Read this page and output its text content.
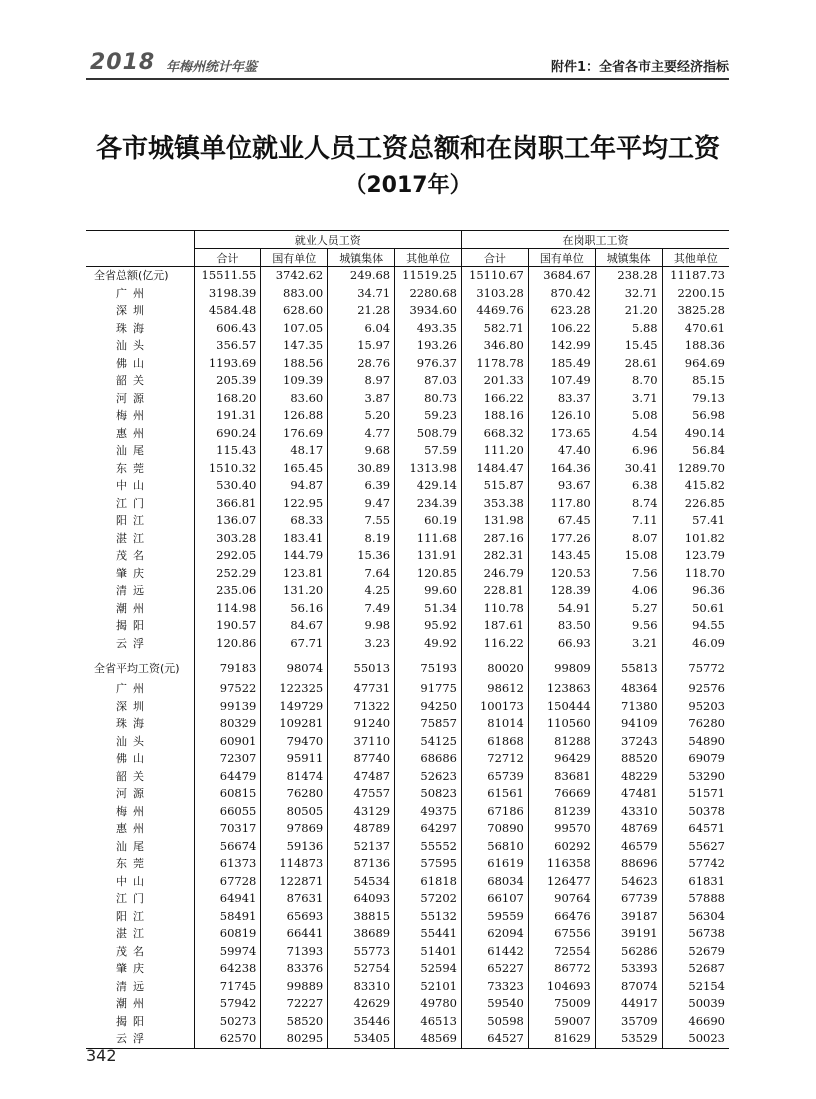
2018 年梅州统计年鉴	附件1：全省各市主要经济指标
各市城镇单位就业人员工资总额和在岗职工年平均工资
（2017年）
	就业人员工资				在岗职工工资			
	合计	国有单位	城镇集体	其他单位	合计	国有单位	城镇集体	其他单位
全省总额(亿元)	15511.55	3742.62	249.68	11519.25	15110.67	3684.67	238.28	11187.73
广州	3198.39	883.00	34.71	2280.68	3103.28	870.42	32.71	2200.15
深圳	4584.48	628.60	21.28	3934.60	4469.76	623.28	21.20	3825.28
珠海	606.43	107.05	6.04	493.35	582.71	106.22	5.88	470.61
汕头	356.57	147.35	15.97	193.26	346.80	142.99	15.45	188.36
佛山	1193.69	188.56	28.76	976.37	1178.78	185.49	28.61	964.69
韶关	205.39	109.39	8.97	87.03	201.33	107.49	8.70	85.15
河源	168.20	83.60	3.87	80.73	166.22	83.37	3.71	79.13
梅州	191.31	126.88	5.20	59.23	188.16	126.10	5.08	56.98
惠州	690.24	176.69	4.77	508.79	668.32	173.65	4.54	490.14
汕尾	115.43	48.17	9.68	57.59	111.20	47.40	6.96	56.84
东莞	1510.32	165.45	30.89	1313.98	1484.47	164.36	30.41	1289.70
中山	530.40	94.87	6.39	429.14	515.87	93.67	6.38	415.82
江门	366.81	122.95	9.47	234.39	353.38	117.80	8.74	226.85
阳江	136.07	68.33	7.55	60.19	131.98	67.45	7.11	57.41
湛江	303.28	183.41	8.19	111.68	287.16	177.26	8.07	101.82
茂名	292.05	144.79	15.36	131.91	282.31	143.45	15.08	123.79
肇庆	252.29	123.81	7.64	120.85	246.79	120.53	7.56	118.70
清远	235.06	131.20	4.25	99.60	228.81	128.39	4.06	96.36
潮州	114.98	56.16	7.49	51.34	110.78	54.91	5.27	50.61
揭阳	190.57	84.67	9.98	95.92	187.61	83.50	9.56	94.55
云浮	120.86	67.71	3.23	49.92	116.22	66.93	3.21	46.09
全省平均工资(元)	79183	98074	55013	75193	80020	99809	55813	75772
广州	97522	122325	47731	91775	98612	123863	48364	92576
深圳	99139	149729	71322	94250	100173	150444	71380	95203
珠海	80329	109281	91240	75857	81014	110560	94109	76280
汕头	60901	79470	37110	54125	61868	81288	37243	54890
佛山	72307	95911	87740	68686	72712	96429	88520	69079
韶关	64479	81474	47487	52623	65739	83681	48229	53290
河源	60815	76280	47557	50823	61561	76669	47481	51571
梅州	66055	80505	43129	49375	67186	81239	43310	50378
惠州	70317	97869	48789	64297	70890	99570	48769	64571
汕尾	56674	59136	52137	55552	56810	60292	46579	55627
东莞	61373	114873	87136	57595	61619	116358	88696	57742
中山	67728	122871	54534	61818	68034	126477	54623	61831
江门	64941	87631	64093	57202	66107	90764	67739	57888
阳江	58491	65693	38815	55132	59559	66476	39187	56304
湛江	60819	66441	38689	55441	62094	67556	39191	56738
茂名	59974	71393	55773	51401	61442	72554	56286	52679
肇庆	64238	83376	52754	52594	65227	86772	53393	52687
清远	71745	99889	83310	52101	73323	104693	87074	52154
潮州	57942	72227	42629	49780	59540	75009	44917	50039
揭阳	50273	58520	35446	46513	50598	59007	35709	46690
云浮	62570	80295	53405	48569	64527	81629	53529	50023
342
